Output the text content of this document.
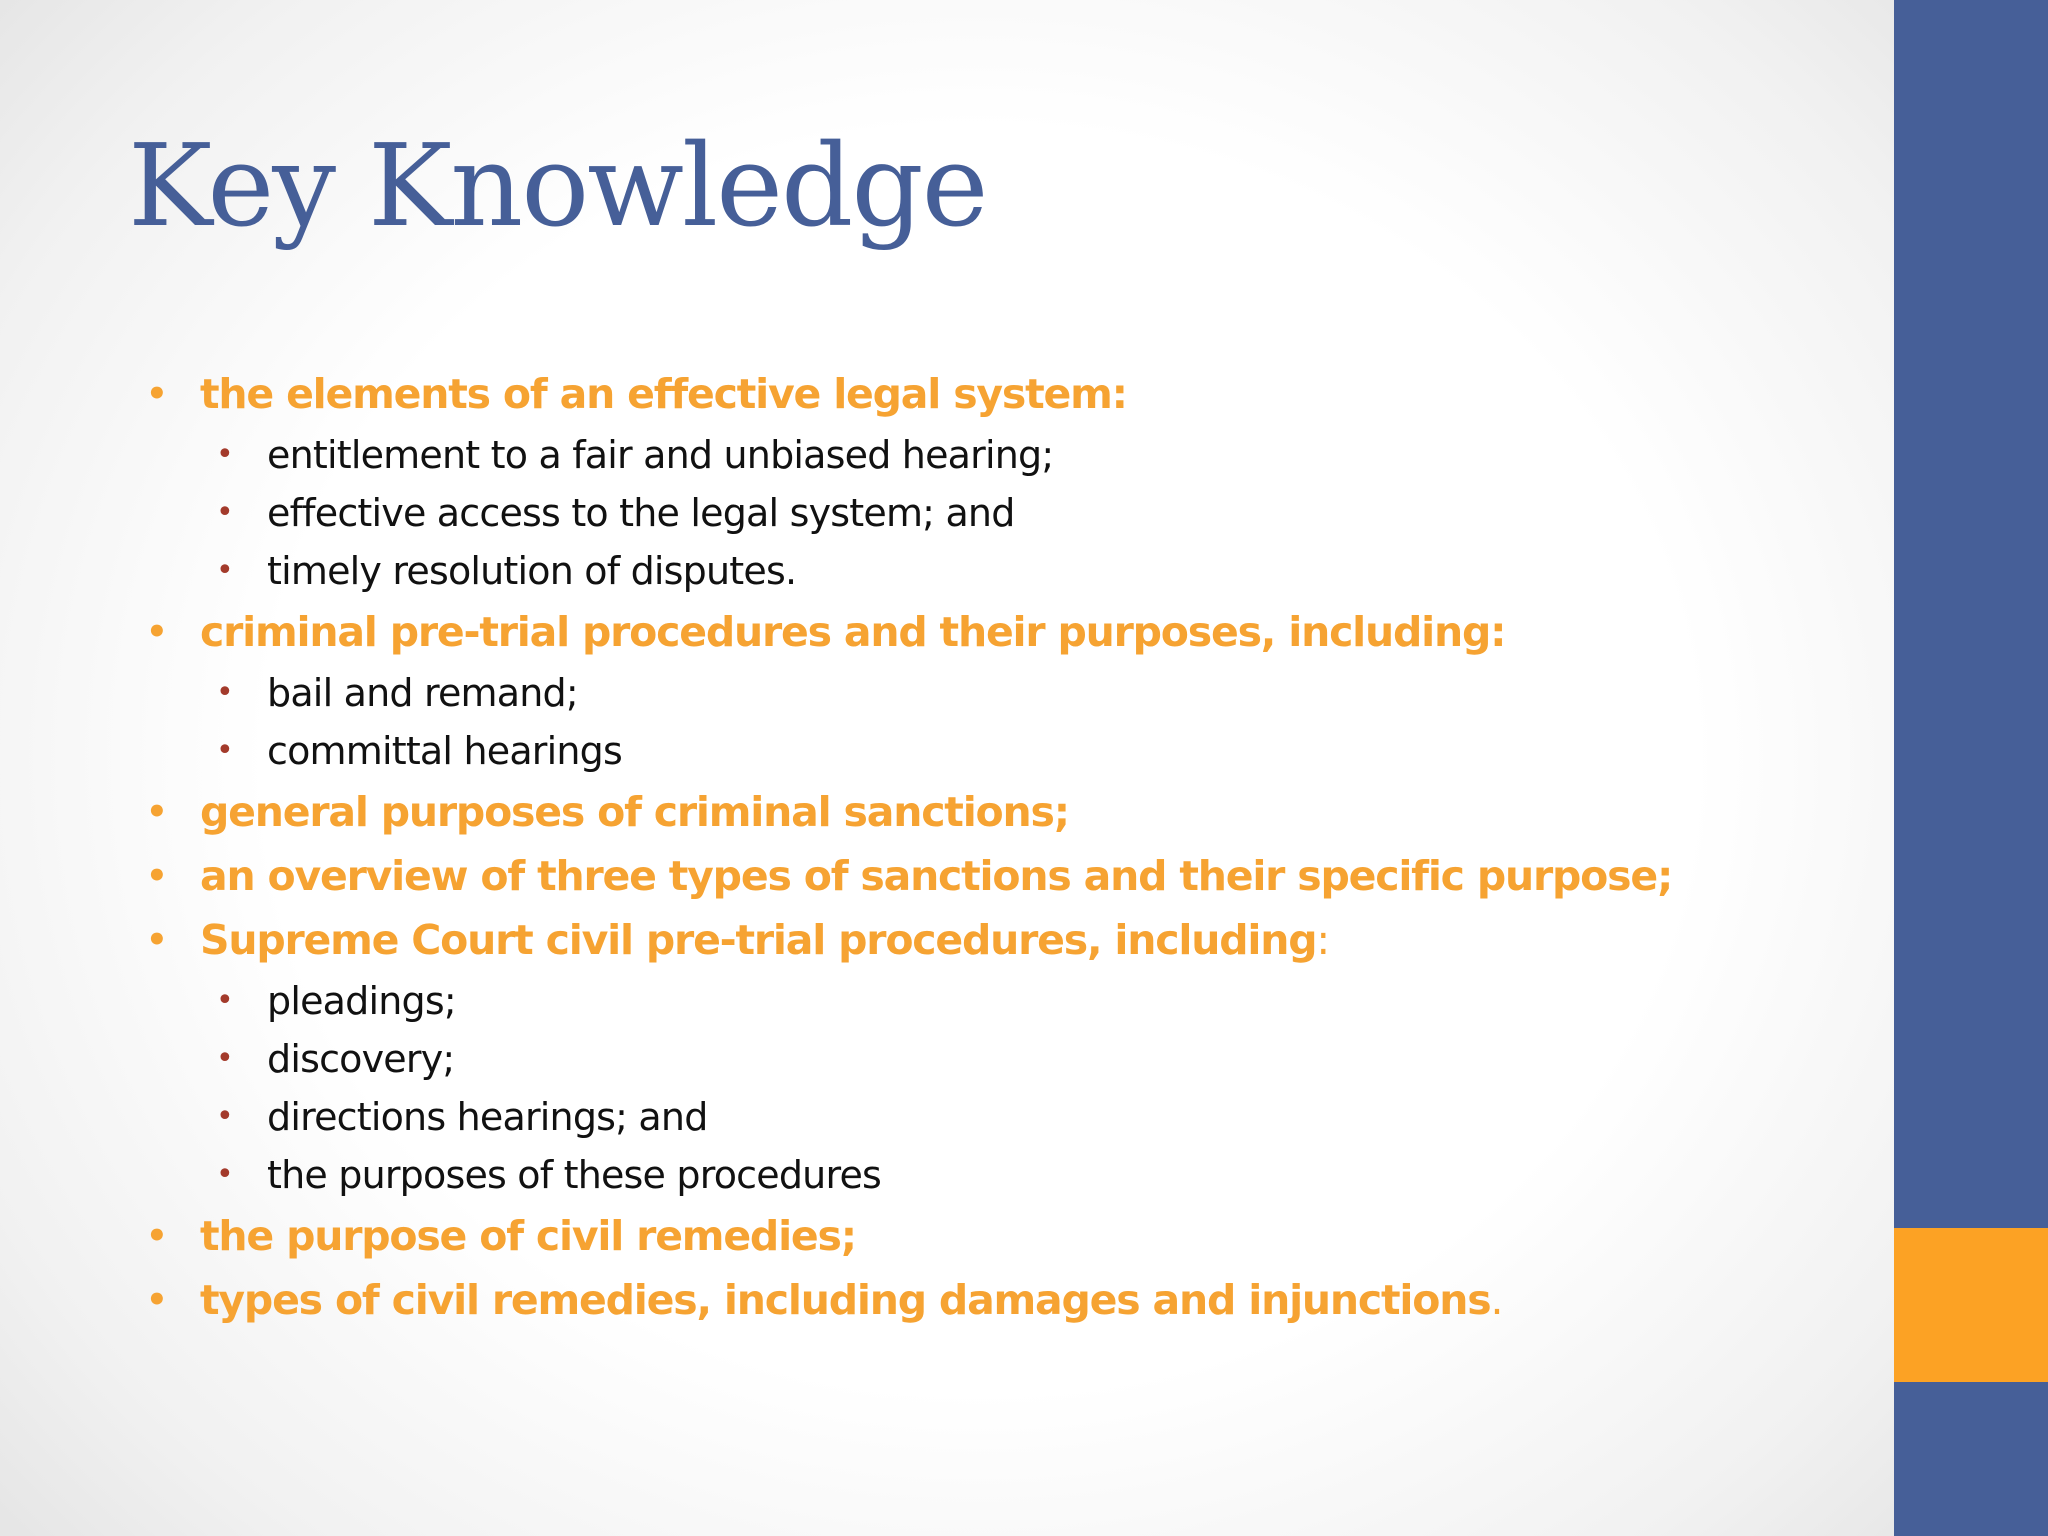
Key Knowledge
• the elements of an effective legal system:
• entitlement to a fair and unbiased hearing;
• effective access to the legal system; and
• timely resolution of disputes.
• criminal pre-trial procedures and their purposes, including:
• bail and remand;
• committal hearings
• general purposes of criminal sanctions;
• an overview of three types of sanctions and their specific purpose;
• Supreme Court civil pre-trial procedures, including:
• pleadings;
• discovery;
• directions hearings; and
• the purposes of these procedures
• the purpose of civil remedies;
• types of civil remedies, including damages and injunctions.
